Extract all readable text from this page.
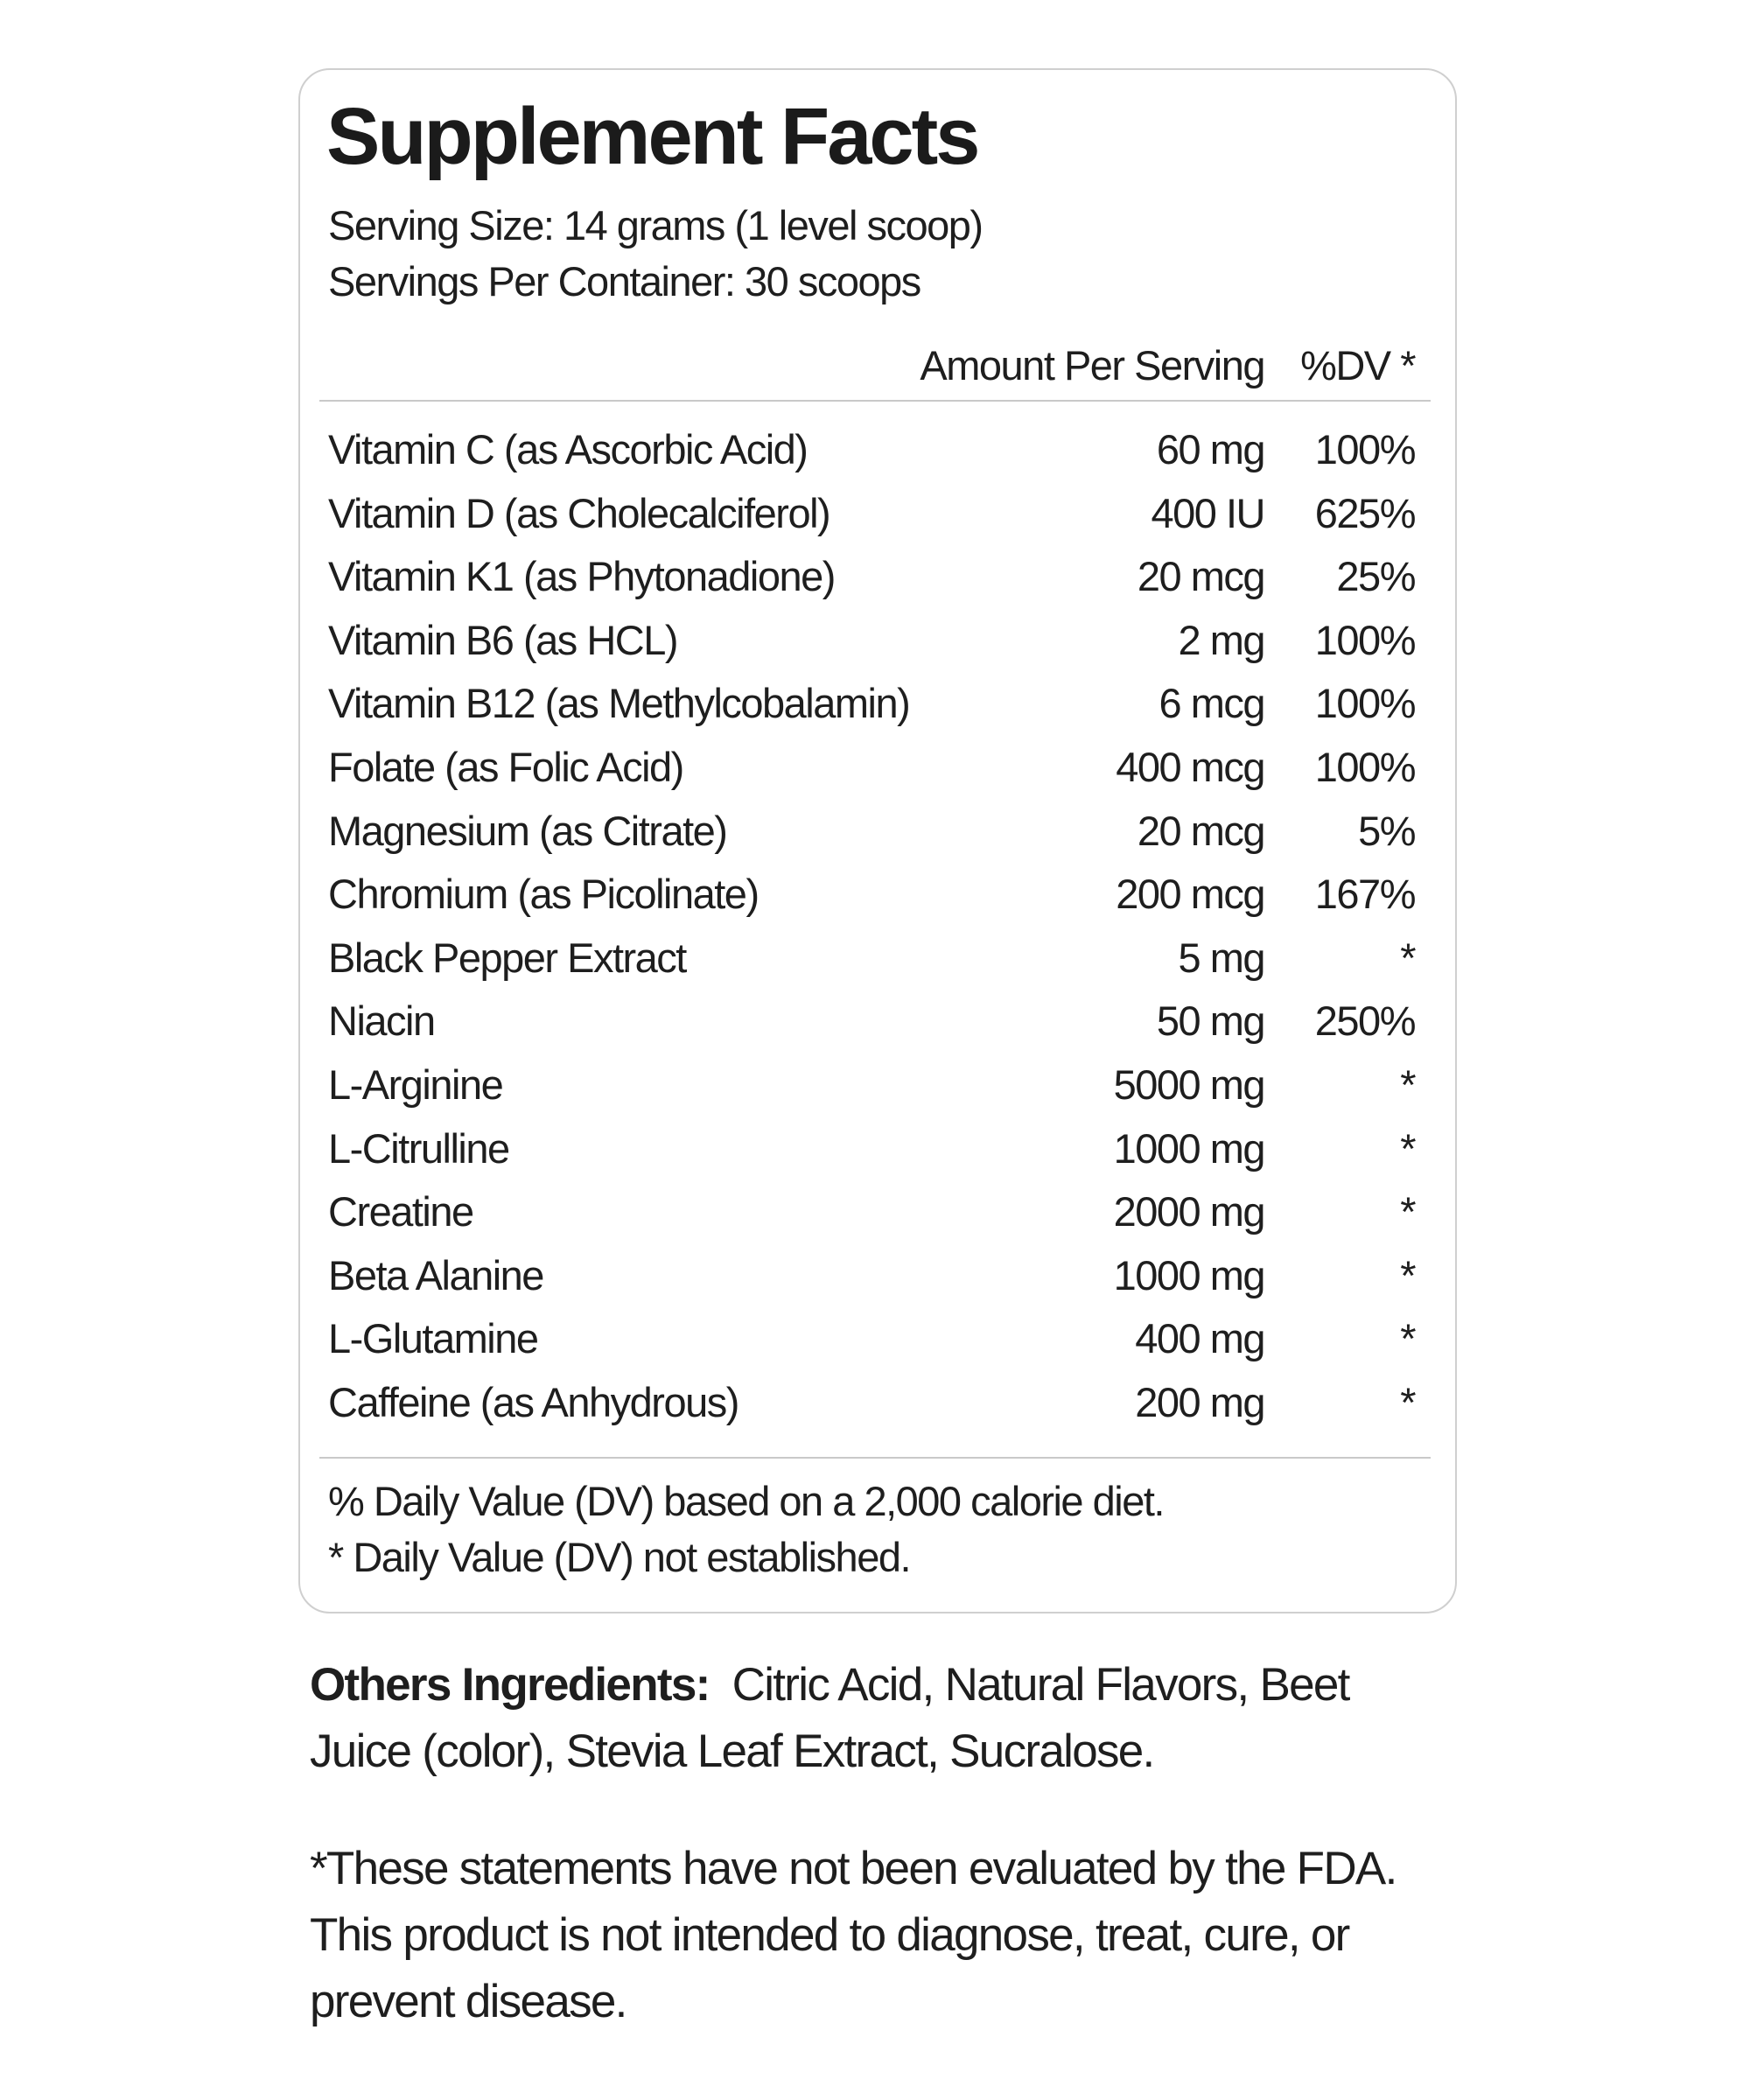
Supplement Facts
Serving Size: 14 grams (1 level scoop)
Servings Per Container: 30 scoops
Amount Per Serving %DV *
Vitamin C (as Ascorbic Acid)	60 mg 100%
Vitamin D (as Cholecalciferol)	400 IU 625%
Vitamin K1 (as Phytonadione)	20 mcg 25%
Vitamin B6 (as HCL)	2 mg 100%
Vitamin B12 (as Methylcobalamin)	6 mcg 100%
Folate (as Folic Acid)	400 mcg 100%
Magnesium (as Citrate)	20 mcg 5%
Chromium (as Picolinate)	200 mcg 167%
Black Pepper Extract	5 mg	*
Niacin	50 mg 250%
L-Arginine	5000 mg	*
L-Citrulline	1000 mg	*
Creatine	2000 mg	*
Beta Alanine	1000 mg	*
L-Glutamine	400 mg	*
Caffeine (as Anhydrous)	200 mg	*
% Daily Value (DV) based on a 2,000 calorie diet.
* Daily Value (DV) not established.

Others Ingredients: Citric Acid, Natural Flavors, Beet Juice (color), Stevia Leaf Extract, Sucralose.

*These statements have not been evaluated by the FDA. This product is not intended to diagnose, treat, cure, or prevent disease.
